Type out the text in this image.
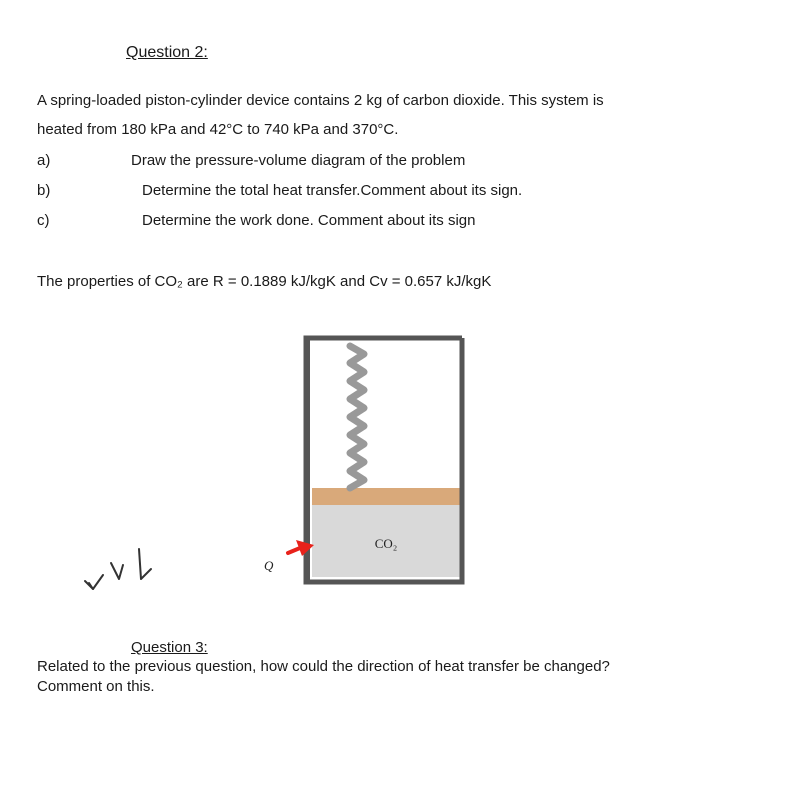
Question 2:
A spring-loaded piston-cylinder device contains 2 kg of carbon dioxide. This system is
heated from 180 kPa and 42°C to 740 kPa and 370°C.
a)	Draw the pressure-volume diagram of the problem
b)	Determine the total heat transfer.Comment about its sign.
c)	Determine the work done. Comment about its sign
The properties of CO₂ are R = 0.1889 kJ/kgK and Cv = 0.657 kJ/kgK
CO₂
Q
Question 3:
Related to the previous question, how could the direction of heat transfer be changed?
Comment on this.
